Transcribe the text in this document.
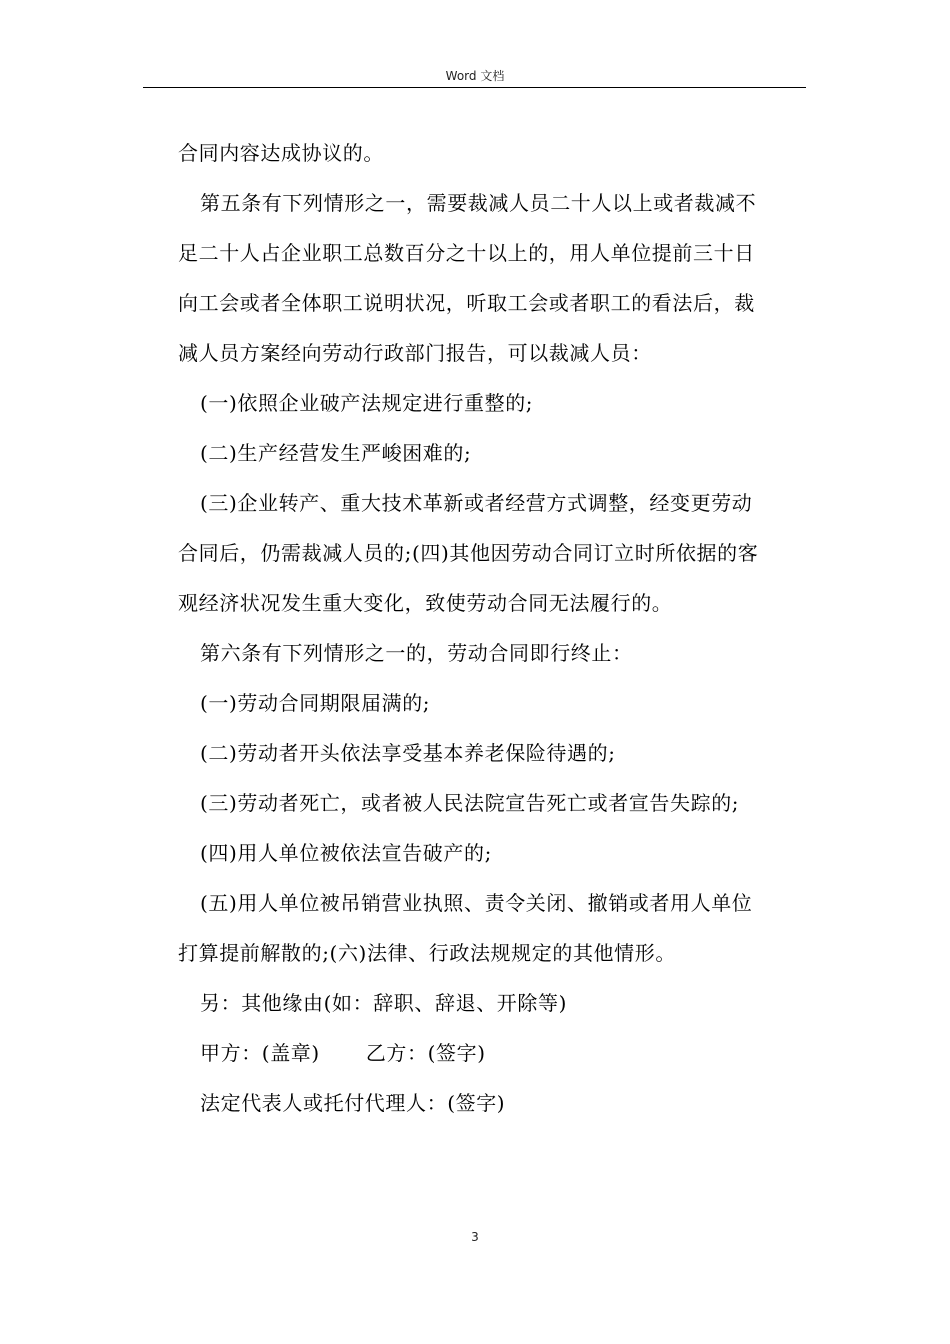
Word 文档

合同内容达成协议的。

第五条有下列情形之一，需要裁减人员二十人以上或者裁减不

足二十人占企业职工总数百分之十以上的，用人单位提前三十日

向工会或者全体职工说明状况，听取工会或者职工的看法后，裁

减人员方案经向劳动行政部门报告，可以裁减人员：

(一)依照企业破产法规定进行重整的;

(二)生产经营发生严峻困难的;

(三)企业转产、重大技术革新或者经营方式调整，经变更劳动

合同后，仍需裁减人员的;(四)其他因劳动合同订立时所依据的客

观经济状况发生重大变化，致使劳动合同无法履行的。

第六条有下列情形之一的，劳动合同即行终止：

(一)劳动合同期限届满的;

(二)劳动者开头依法享受基本养老保险待遇的;

(三)劳动者死亡，或者被人民法院宣告死亡或者宣告失踪的;

(四)用人单位被依法宣告破产的;

(五)用人单位被吊销营业执照、责令关闭、撤销或者用人单位

打算提前解散的;(六)法律、行政法规规定的其他情形。

另：其他缘由(如：辞职、辞退、开除等)

甲方：(盖章) 乙方：(签字)

法定代表人或托付代理人：(签字)

3
